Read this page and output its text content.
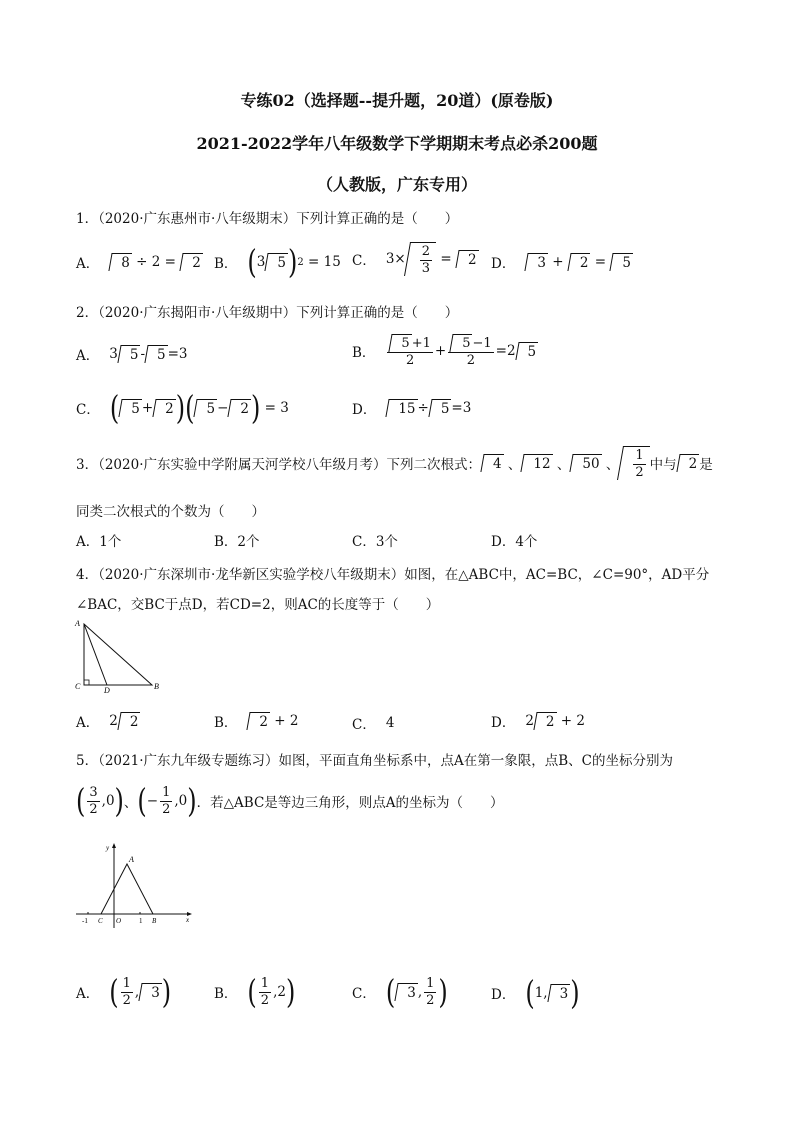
专练02（选择题--提升题，20道）(原卷版)
2021-2022学年八年级数学下学期期末考点必杀200题
（人教版，广东专用）
1．（2020·广东惠州市·八年级期末）下列计算正确的是（　　）
A．	8 ÷ 2 = 2 B． ( 3 5 ) 2 = 15 C． $3\times \frac{2}{3} = 2$ D．	3 + 2 = 5
2．（2020·广东揭阳市·八年级期中）下列计算正确的是（　　）
A． 3 5 - 5 =3	B． $\frac{5 +1}{2} + \frac{5 -1}{2} =2$ 5
C． ( 5 + 2 ) ( 5 − 2 ) = 3	D．	15 ÷ 5 =3
3．（2020·广东实验中学附属天河学校八年级月考）下列二次根式： 4 、 12 、 50 、 $\frac{1}{2}$ 中与 2 是
同类二次根式的个数为（　　）
A．1个	B．2个	C．3个	D．4个
4．（2020·广东深圳市·龙华新区实验学校八年级期末）如图，在△ABC中，AC=BC，∠C=90°，AD平分
∠BAC，交BC于点D，若CD=2，则AC的长度等于（　　）
A
C	D	B
A． 2 2	B．	2 + 2	C． 4	D． 2 2 + 2
5．（2021·广东九年级专题练习）如图，平面直角坐标系中，点A在第一象限，点B、C的坐标分别为
( $\frac{3}{2} ,0$ ) 、 ( − $\frac{1}{2} ,0$ ) ．若△ABC是等边三角形，则点A的坐标为（　　）
y
A
-1 C O	1 B	x
A． ( $\frac{1}{2}$ , 3 )	B． ( $\frac{1}{2} ,2$ )	C． ( 3 , $\frac{1}{2}$ )	D． ( 1, 3 )
